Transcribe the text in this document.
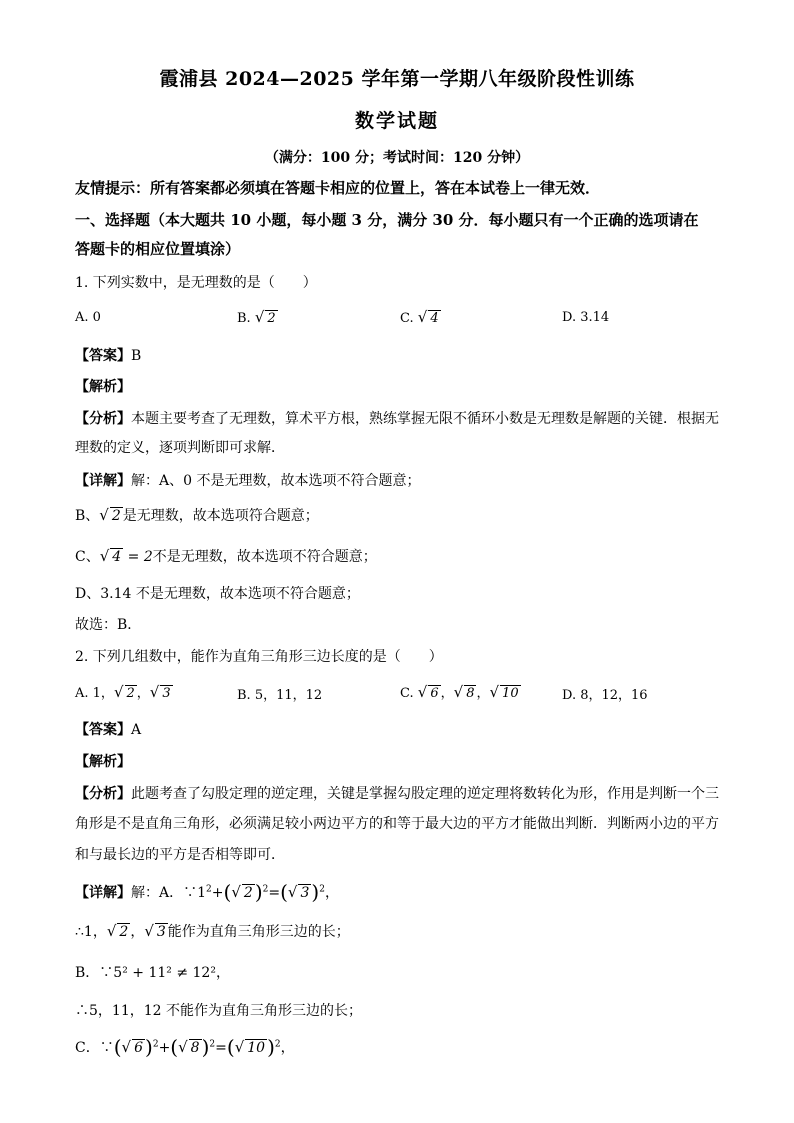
霞浦县 2024—2025 学年第一学期八年级阶段性训练
数学试题
（满分：100 分；考试时间：120 分钟）
友情提示：所有答案都必须填在答题卡相应的位置上，答在本试卷上一律无效．
一、选择题（本大题共 10 小题，每小题 3 分，满分 30 分．每小题只有一个正确的选项请在
答题卡的相应位置填涂）
1. 下列实数中，是无理数的是（　　）
A. 0	B. √ 2	C. √ 4	D. 3.14
【答案】B
【解析】
【分析】本题主要考查了无理数，算术平方根，熟练掌握无限不循环小数是无理数是解题的关键．根据无
理数的定义，逐项判断即可求解．
【详解】解：A、0 不是无理数，故本选项不符合题意；
B、√ 2 是无理数，故本选项符合题意；
C、√ 4 = 2不是无理数，故本选项不符合题意；
D、3.14 不是无理数，故本选项不符合题意；
故选：B．
2. 下列几组数中，能作为直角三角形三边长度的是（　　）
A. 1，√ 2 ，√ 3	B. 5，11，12	C. √ 6 ，√ 8 ，√ 10	D. 8，12，16
【答案】A
【解析】
【分析】此题考查了勾股定理的逆定理，关键是掌握勾股定理的逆定理将数转化为形，作用是判断一个三
角形是不是直角三角形，必须满足较小两边平方的和等于最大边的平方才能做出判断．判断两小边的平方
和与最长边的平方是否相等即可．
【详解】解：A．$\because 1^2+(√$ 2 )$^2$=(√ 3 )$^2$，
∴1，√ 2 ，√ 3 能作为直角三角形三边的长；
B．∵5² + 11² ≠ 12²，
∴5，11，12 不能作为直角三角形三边的长；
C．∵(√ 6 )$^2$+(√ 8 )$^2$=(√ 10 )$^2$，
